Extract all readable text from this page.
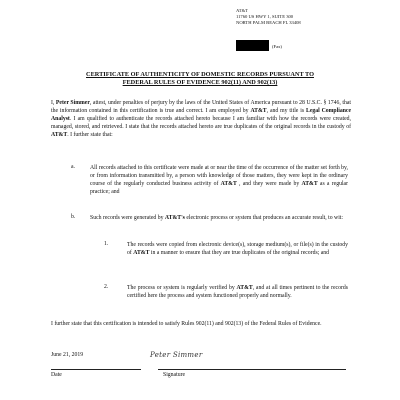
AT&T
11760 US HWY 1, SUITE 300
NORTH PALM BEACH FL 33408
(Fax)
CERTIFICATE OF AUTHENTICITY OF DOMESTIC RECORDS PURSUANT TO
FEDERAL RULES OF EVIDENCE 902(11) AND 902(13)
I, Peter Simmer, attest, under penalties of perjury by the laws of the United States of America pursuant to 28 U.S.C. § 1746, that the information contained in this certification is true and correct. I am employed by AT&T, and my title is Legal Compliance Analyst. I am qualified to authenticate the records attached hereto because I am familiar with how the records were created, managed, stored, and retrieved. I state that the records attached hereto are true duplicates of the original records in the custody of AT&T. I further state that:
a.	All records attached to this certificate were made at or near the time of the occurrence of the matter set forth by, or from information transmitted by, a person with knowledge of those matters, they were kept in the ordinary course of the regularly conducted business activity of AT&T , and they were made by AT&T as a regular practice; and
b.	Such records were generated by AT&T's electronic process or system that produces an accurate result, to wit:
1.	The records were copied from electronic device(s), storage medium(s), or file(s) in the custody of AT&T in a manner to ensure that they are true duplicates of the original records; and
2.	The process or system is regularly verified by AT&T, and at all times pertinent to the records certified here the process and system functioned properly and normally.
I further state that this certification is intended to satisfy Rules 902(11) and 902(13) of the Federal Rules of Evidence.
June 21, 2019	Peter Simmer
Date	Signature
